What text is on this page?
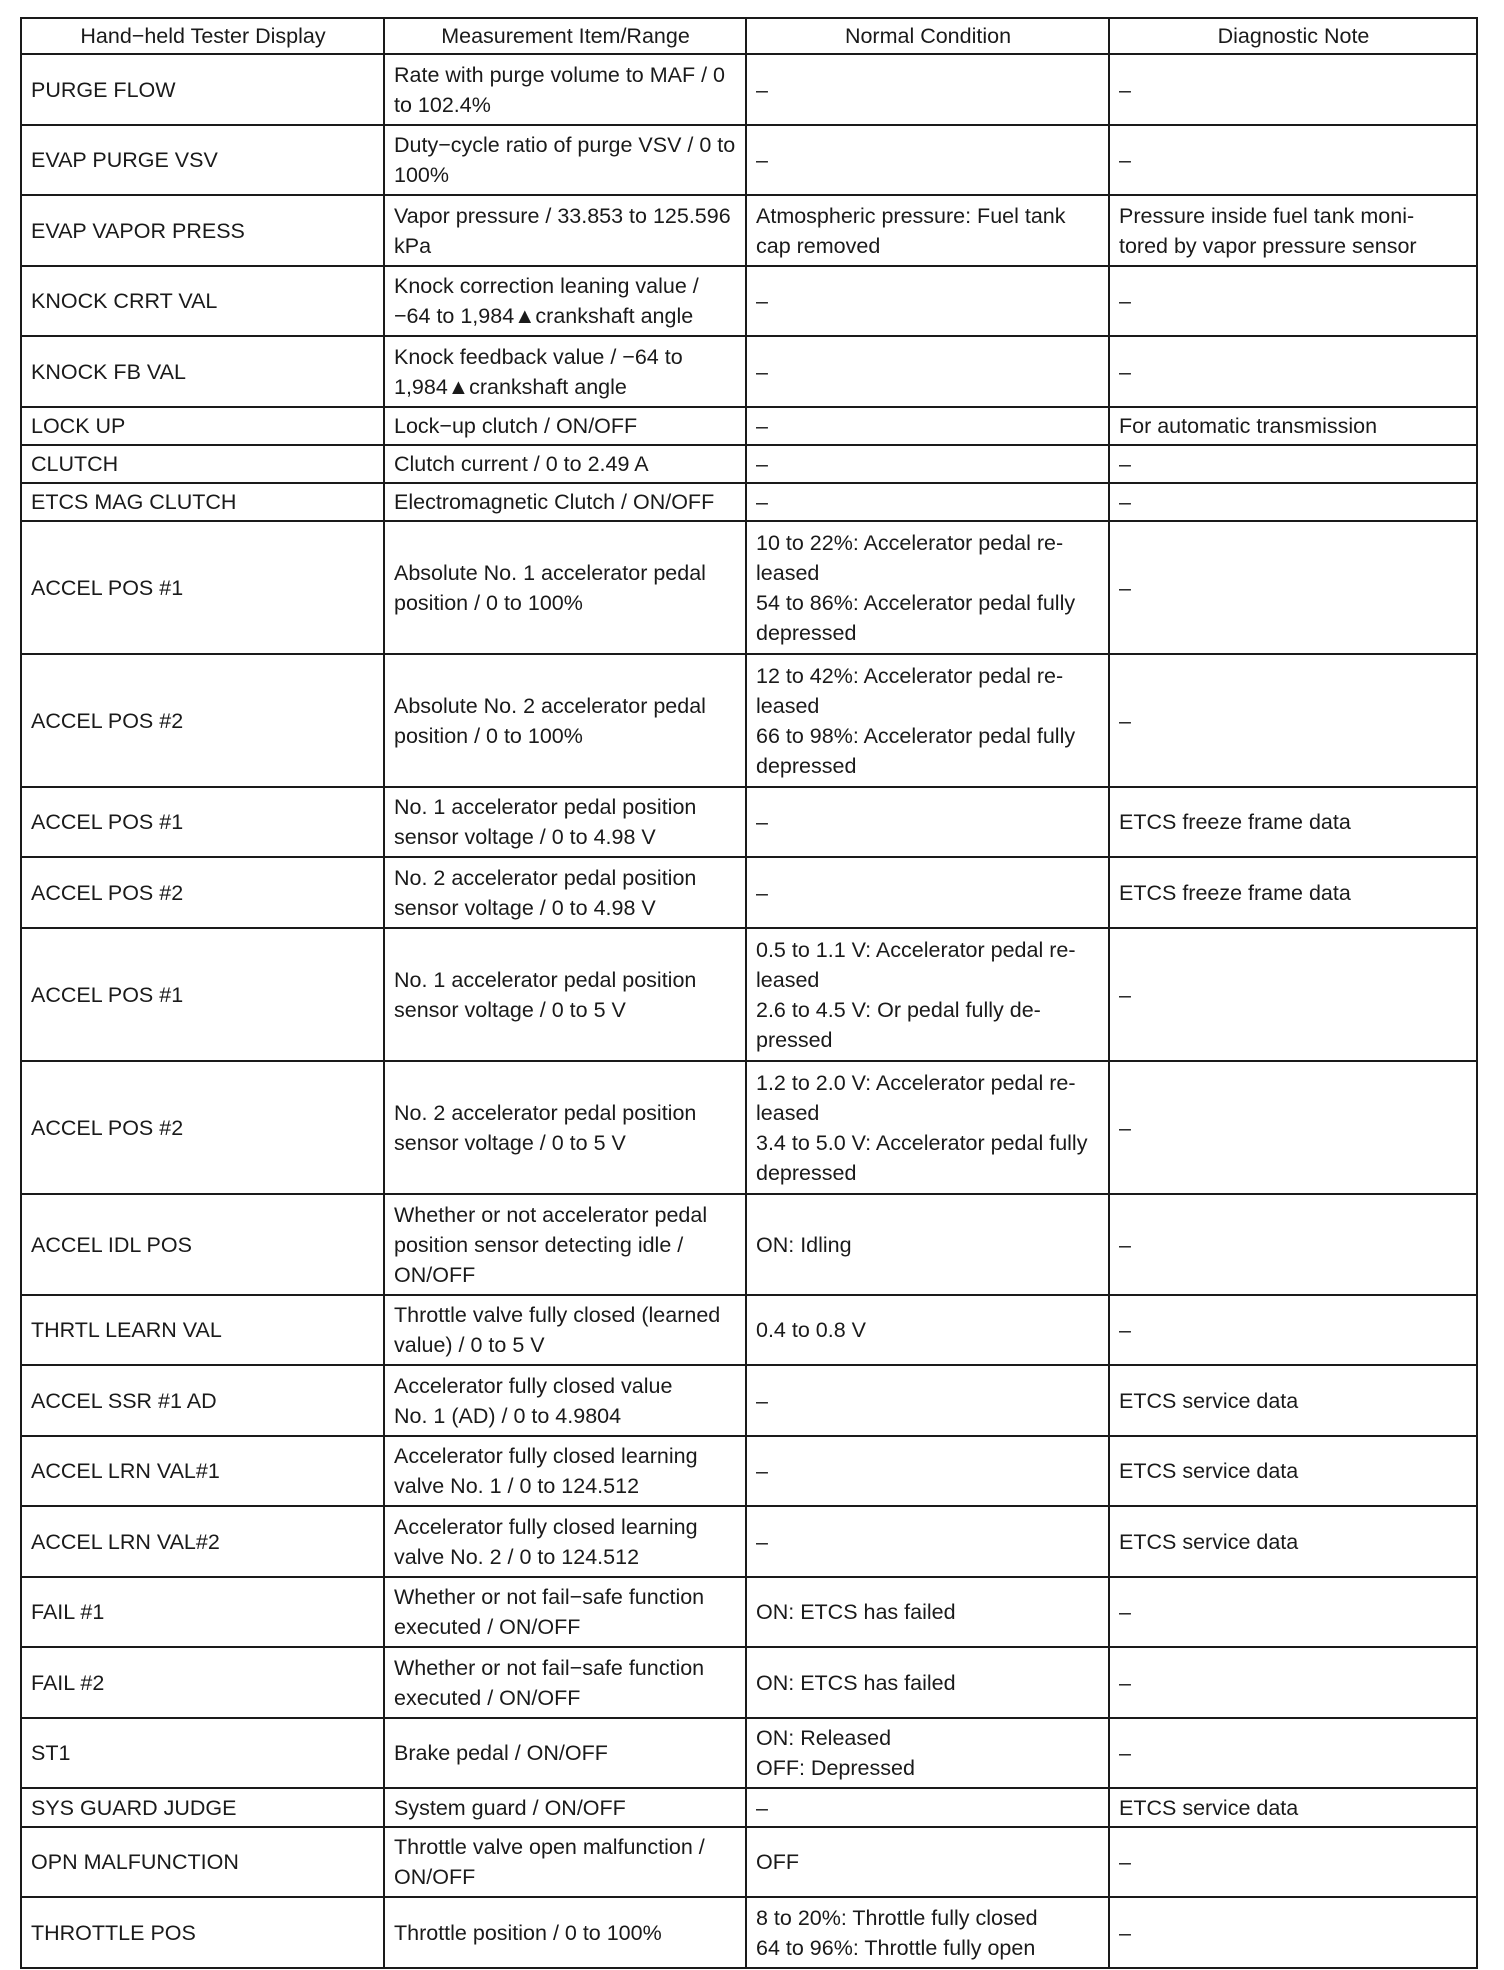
Hand−held Tester Display	Measurement Item/Range	Normal Condition	Diagnostic Note
PURGE FLOW	Rate with purge volume to MAF / 0 to 102.4%	–	–
EVAP PURGE VSV	Duty−cycle ratio of purge VSV / 0 to 100%	–	–
EVAP VAPOR PRESS	Vapor pressure / 33.853 to 125.596 kPa	Atmospheric pressure: Fuel tank cap removed	Pressure inside fuel tank moni-
tored by vapor pressure sensor
KNOCK CRRT VAL	Knock correction leaning value / −64 to 1,984▲crankshaft angle	–	–
KNOCK FB VAL	Knock feedback value / −64 to 1,984▲crankshaft angle	–	–
LOCK UP	Lock−up clutch / ON/OFF	–	For automatic transmission
CLUTCH	Clutch current / 0 to 2.49 A	–	–
ETCS MAG CLUTCH	Electromagnetic Clutch / ON/OFF	–	–
ACCEL POS #1	Absolute No. 1 accelerator pedal position / 0 to 100%	10 to 22%: Accelerator pedal re-
leased
54 to 86%: Accelerator pedal fully depressed	–
ACCEL POS #2	Absolute No. 2 accelerator pedal position / 0 to 100%	12 to 42%: Accelerator pedal re-
leased
66 to 98%: Accelerator pedal fully depressed	–
ACCEL POS #1	No. 1 accelerator pedal position sensor voltage / 0 to 4.98 V	–	ETCS freeze frame data
ACCEL POS #2	No. 2 accelerator pedal position sensor voltage / 0 to 4.98 V	–	ETCS freeze frame data
ACCEL POS #1	No. 1 accelerator pedal position sensor voltage / 0 to 5 V	0.5 to 1.1 V: Accelerator pedal re-
leased
2.6 to 4.5 V: Or pedal fully de-
pressed	–
ACCEL POS #2	No. 2 accelerator pedal position sensor voltage / 0 to 5 V	1.2 to 2.0 V: Accelerator pedal re-
leased
3.4 to 5.0 V: Accelerator pedal fully depressed	–
ACCEL IDL POS	Whether or not accelerator pedal position sensor detecting idle / ON/OFF	ON: Idling	–
THRTL LEARN VAL	Throttle valve fully closed (learned value) / 0 to 5 V	0.4 to 0.8 V	–
ACCEL SSR #1 AD	Accelerator fully closed value
No. 1 (AD) / 0 to 4.9804	–	ETCS service data
ACCEL LRN VAL#1	Accelerator fully closed learning valve No. 1 / 0 to 124.512	–	ETCS service data
ACCEL LRN VAL#2	Accelerator fully closed learning valve No. 2 / 0 to 124.512	–	ETCS service data
FAIL #1	Whether or not fail−safe function executed / ON/OFF	ON: ETCS has failed	–
FAIL #2	Whether or not fail−safe function executed / ON/OFF	ON: ETCS has failed	–
ST1	Brake pedal / ON/OFF	ON: Released
OFF: Depressed	–
SYS GUARD JUDGE	System guard / ON/OFF	–	ETCS service data
OPN MALFUNCTION	Throttle valve open malfunction / ON/OFF	OFF	–
THROTTLE POS	Throttle position / 0 to 100%	8 to 20%: Throttle fully closed
64 to 96%: Throttle fully open	–
